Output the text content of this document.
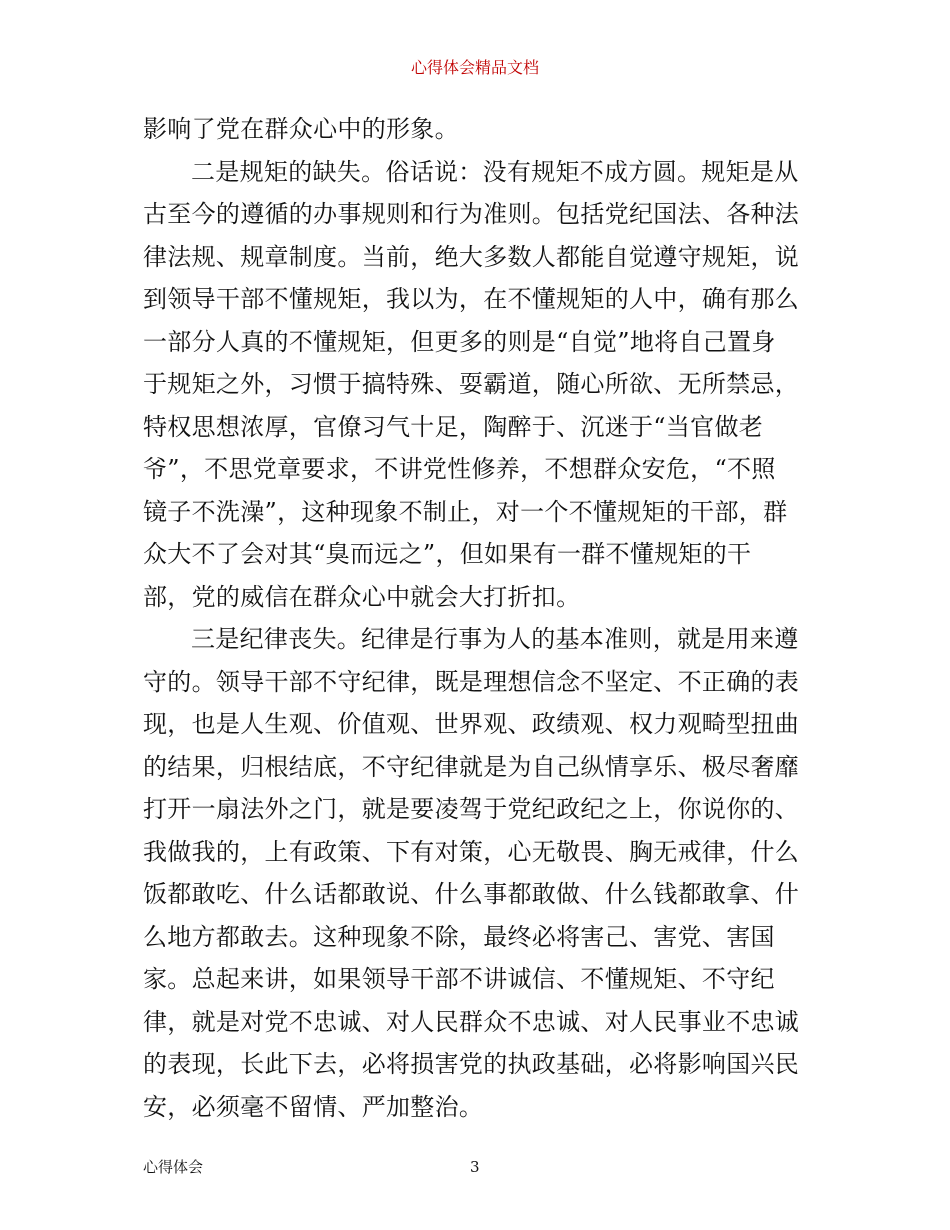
心得体会精品文档
影响了党在群众心中的形象。
二是规矩的缺失。俗话说：没有规矩不成方圆。规矩是从
古至今的遵循的办事规则和行为准则。包括党纪国法、各种法
律法规、规章制度。当前，绝大多数人都能自觉遵守规矩，说
到领导干部不懂规矩，我以为，在不懂规矩的人中，确有那么
一部分人真的不懂规矩，但更多的则是“自觉”地将自己置身
于规矩之外，习惯于搞特殊、耍霸道，随心所欲、无所禁忌，
特权思想浓厚，官僚习气十足，陶醉于、沉迷于“当官做老
爷”，不思党章要求，不讲党性修养，不想群众安危，“不照
镜子不洗澡”，这种现象不制止，对一个不懂规矩的干部，群
众大不了会对其“臭而远之”，但如果有一群不懂规矩的干
部，党的威信在群众心中就会大打折扣。
三是纪律丧失。纪律是行事为人的基本准则，就是用来遵
守的。领导干部不守纪律，既是理想信念不坚定、不正确的表
现，也是人生观、价值观、世界观、政绩观、权力观畸型扭曲
的结果，归根结底，不守纪律就是为自己纵情享乐、极尽奢靡
打开一扇法外之门，就是要凌驾于党纪政纪之上，你说你的、
我做我的，上有政策、下有对策，心无敬畏、胸无戒律，什么
饭都敢吃、什么话都敢说、什么事都敢做、什么钱都敢拿、什
么地方都敢去。这种现象不除，最终必将害己、害党、害国
家。总起来讲，如果领导干部不讲诚信、不懂规矩、不守纪
律，就是对党不忠诚、对人民群众不忠诚、对人民事业不忠诚
的表现，长此下去，必将损害党的执政基础，必将影响国兴民
安，必须毫不留情、严加整治。
心得体会	3
